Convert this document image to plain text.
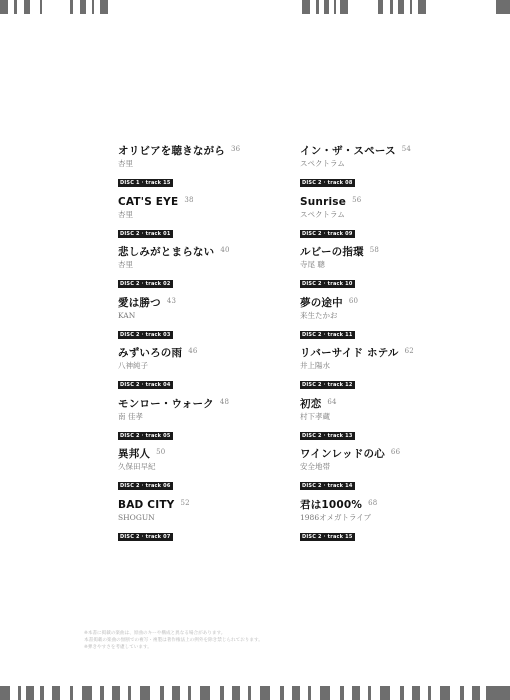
オリビアを聴きながら $^{36}$
杏里
DISC 1 · track 15
CAT'S EYE $^{38}$
杏里
DISC 2 · track 01
悲しみがとまらない $^{40}$
杏里
DISC 2 · track 02
愛は勝つ $^{43}$
KAN
DISC 2 · track 03
みずいろの雨 $^{46}$
八神純子
DISC 2 · track 04
モンロー・ウォーク $^{48}$
南 佳孝
DISC 2 · track 05
異邦人 $^{50}$
久保田早紀
DISC 2 · track 06
BAD CITY $^{52}$
SHOGUN
DISC 2 · track 07
イン・ザ・スペース $^{54}$
スペクトラム
DISC 2 · track 08
Sunrise $^{56}$
スペクトラム
DISC 2 · track 09
ルビーの指環 $^{58}$
寺尾 聰
DISC 2 · track 10
夢の途中 $^{60}$
来生たかお
DISC 2 · track 11
リバーサイド ホテル $^{62}$
井上陽水
DISC 2 · track 12
初恋 $^{64}$
村下孝蔵
DISC 2 · track 13
ワインレッドの心 $^{66}$
安全地帯
DISC 2 · track 14
君は1000% $^{68}$
1986オメガトライブ
DISC 2 · track 15
※本書に掲載の楽曲は、原曲のキーや構成と異なる場合があります。
本書掲載の楽曲の無断での複写・複製は著作権法上の例外を除き禁じられております。
※弾きやすさを考慮しています。
